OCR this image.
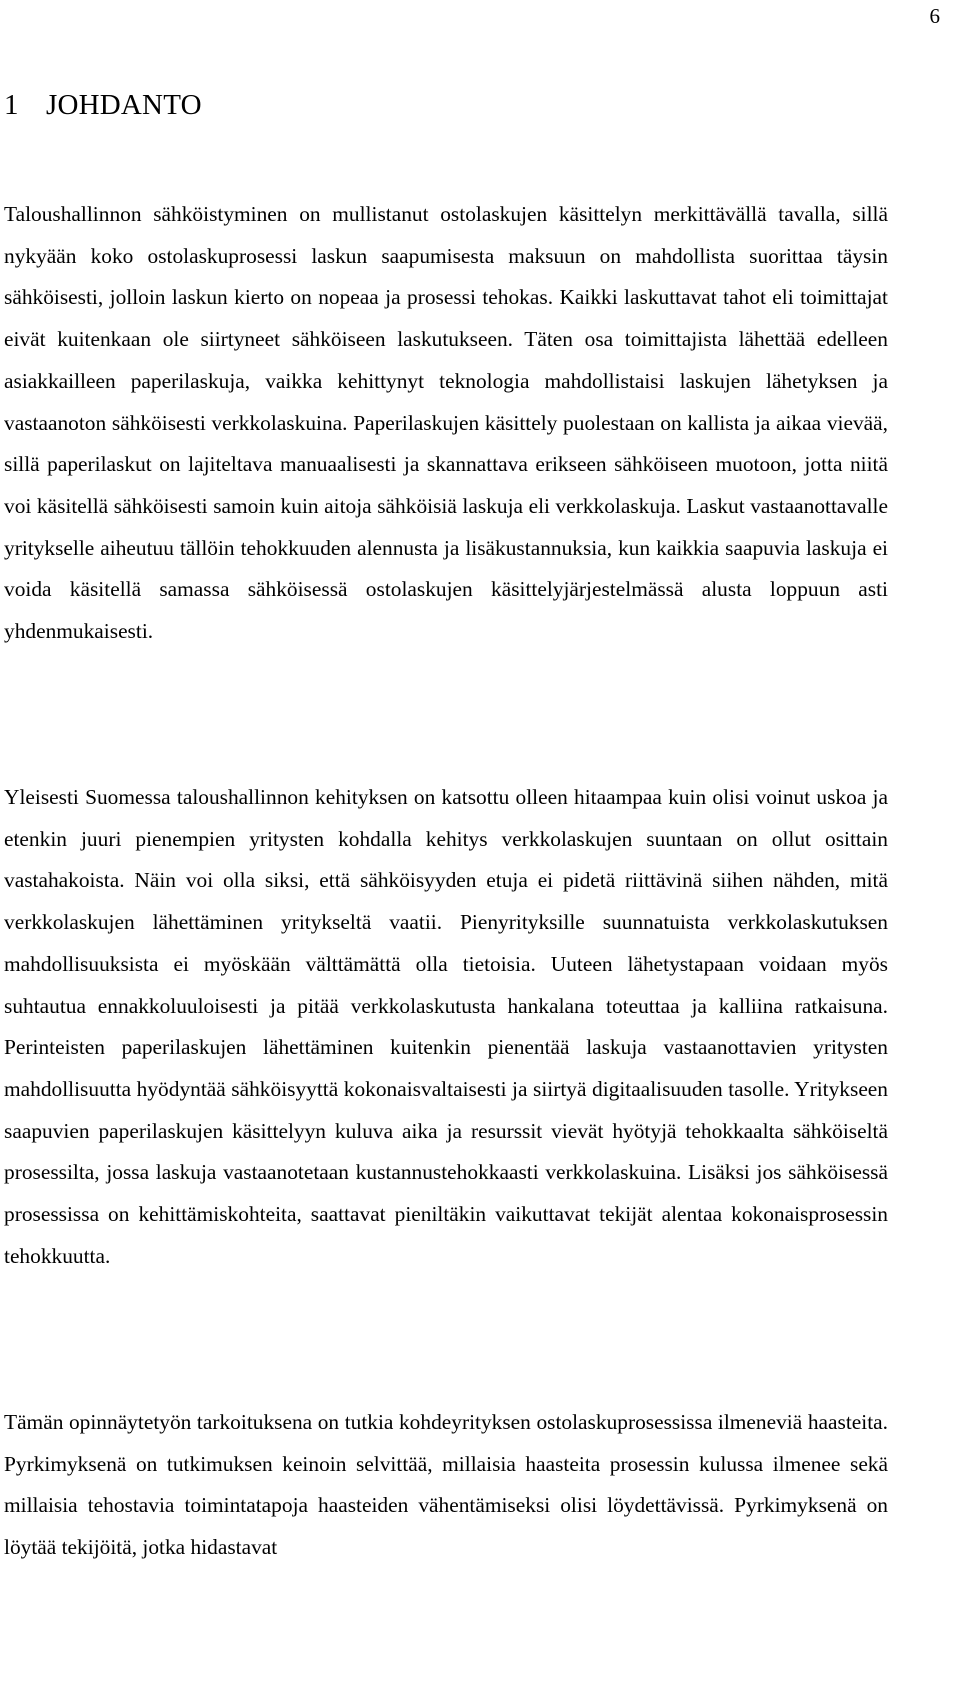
6
1 JOHDANTO

Taloushallinnon sähköistyminen on mullistanut ostolaskujen käsittelyn merkittävällä tavalla, sillä nykyään koko ostolaskuprosessi laskun saapumisesta maksuun on mahdollista suorittaa täysin sähköisesti, jolloin laskun kierto on nopeaa ja prosessi tehokas. Kaikki laskuttavat tahot eli toimittajat eivät kuitenkaan ole siirtyneet sähköiseen laskutukseen. Täten osa toimittajista lähettää edelleen asiakkailleen paperilaskuja, vaikka kehittynyt teknologia mahdollistaisi laskujen lähetyksen ja vastaanoton sähköisesti verkkolaskuina. Paperilaskujen käsittely puolestaan on kallista ja aikaa vievää, sillä paperilaskut on lajiteltava manuaalisesti ja skannattava erikseen sähköiseen muotoon, jotta niitä voi käsitellä sähköisesti samoin kuin aitoja sähköisiä laskuja eli verkkolaskuja. Laskut vastaanottavalle yritykselle aiheutuu tällöin tehokkuuden alennusta ja lisäkustannuksia, kun kaikkia saapuvia laskuja ei voida käsitellä samassa sähköisessä ostolaskujen käsittelyjärjestelmässä alusta loppuun asti yhdenmukaisesti.

Yleisesti Suomessa taloushallinnon kehityksen on katsottu olleen hitaampaa kuin olisi voinut uskoa ja etenkin juuri pienempien yritysten kohdalla kehitys verkkolaskujen suuntaan on ollut osittain vastahakoista. Näin voi olla siksi, että sähköisyyden etuja ei pidetä riittävinä siihen nähden, mitä verkkolaskujen lähettäminen yritykseltä vaatii. Pienyrityksille suunnatuista verkkolaskutuksen mahdollisuuksista ei myöskään välttämättä olla tietoisia. Uuteen lähetystapaan voidaan myös suhtautua ennakkoluuloisesti ja pitää verkkolaskutusta hankalana toteuttaa ja kalliina ratkaisuna. Perinteisten paperilaskujen lähettäminen kuitenkin pienentää laskuja vastaanottavien yritysten mahdollisuutta hyödyntää sähköisyyttä kokonaisvaltaisesti ja siirtyä digitaalisuuden tasolle. Yritykseen saapuvien paperilaskujen käsittelyyn kuluva aika ja resurssit vievät hyötyjä tehokkaalta sähköiseltä prosessilta, jossa laskuja vastaanotetaan kustannustehokkaasti verkkolaskuina. Lisäksi jos sähköisessä prosessissa on kehittämiskohteita, saattavat pieniltäkin vaikuttavat tekijät alentaa kokonaisprosessin tehokkuutta.

Tämän opinnäytetyön tarkoituksena on tutkia kohdeyrityksen ostolaskuprosessissa ilmeneviä haasteita. Pyrkimyksenä on tutkimuksen keinoin selvittää, millaisia haasteita prosessin kulussa ilmenee sekä millaisia tehostavia toimintatapoja haasteiden vähentämiseksi olisi löydettävissä. Pyrkimyksenä on löytää tekijöitä, jotka hidastavat
